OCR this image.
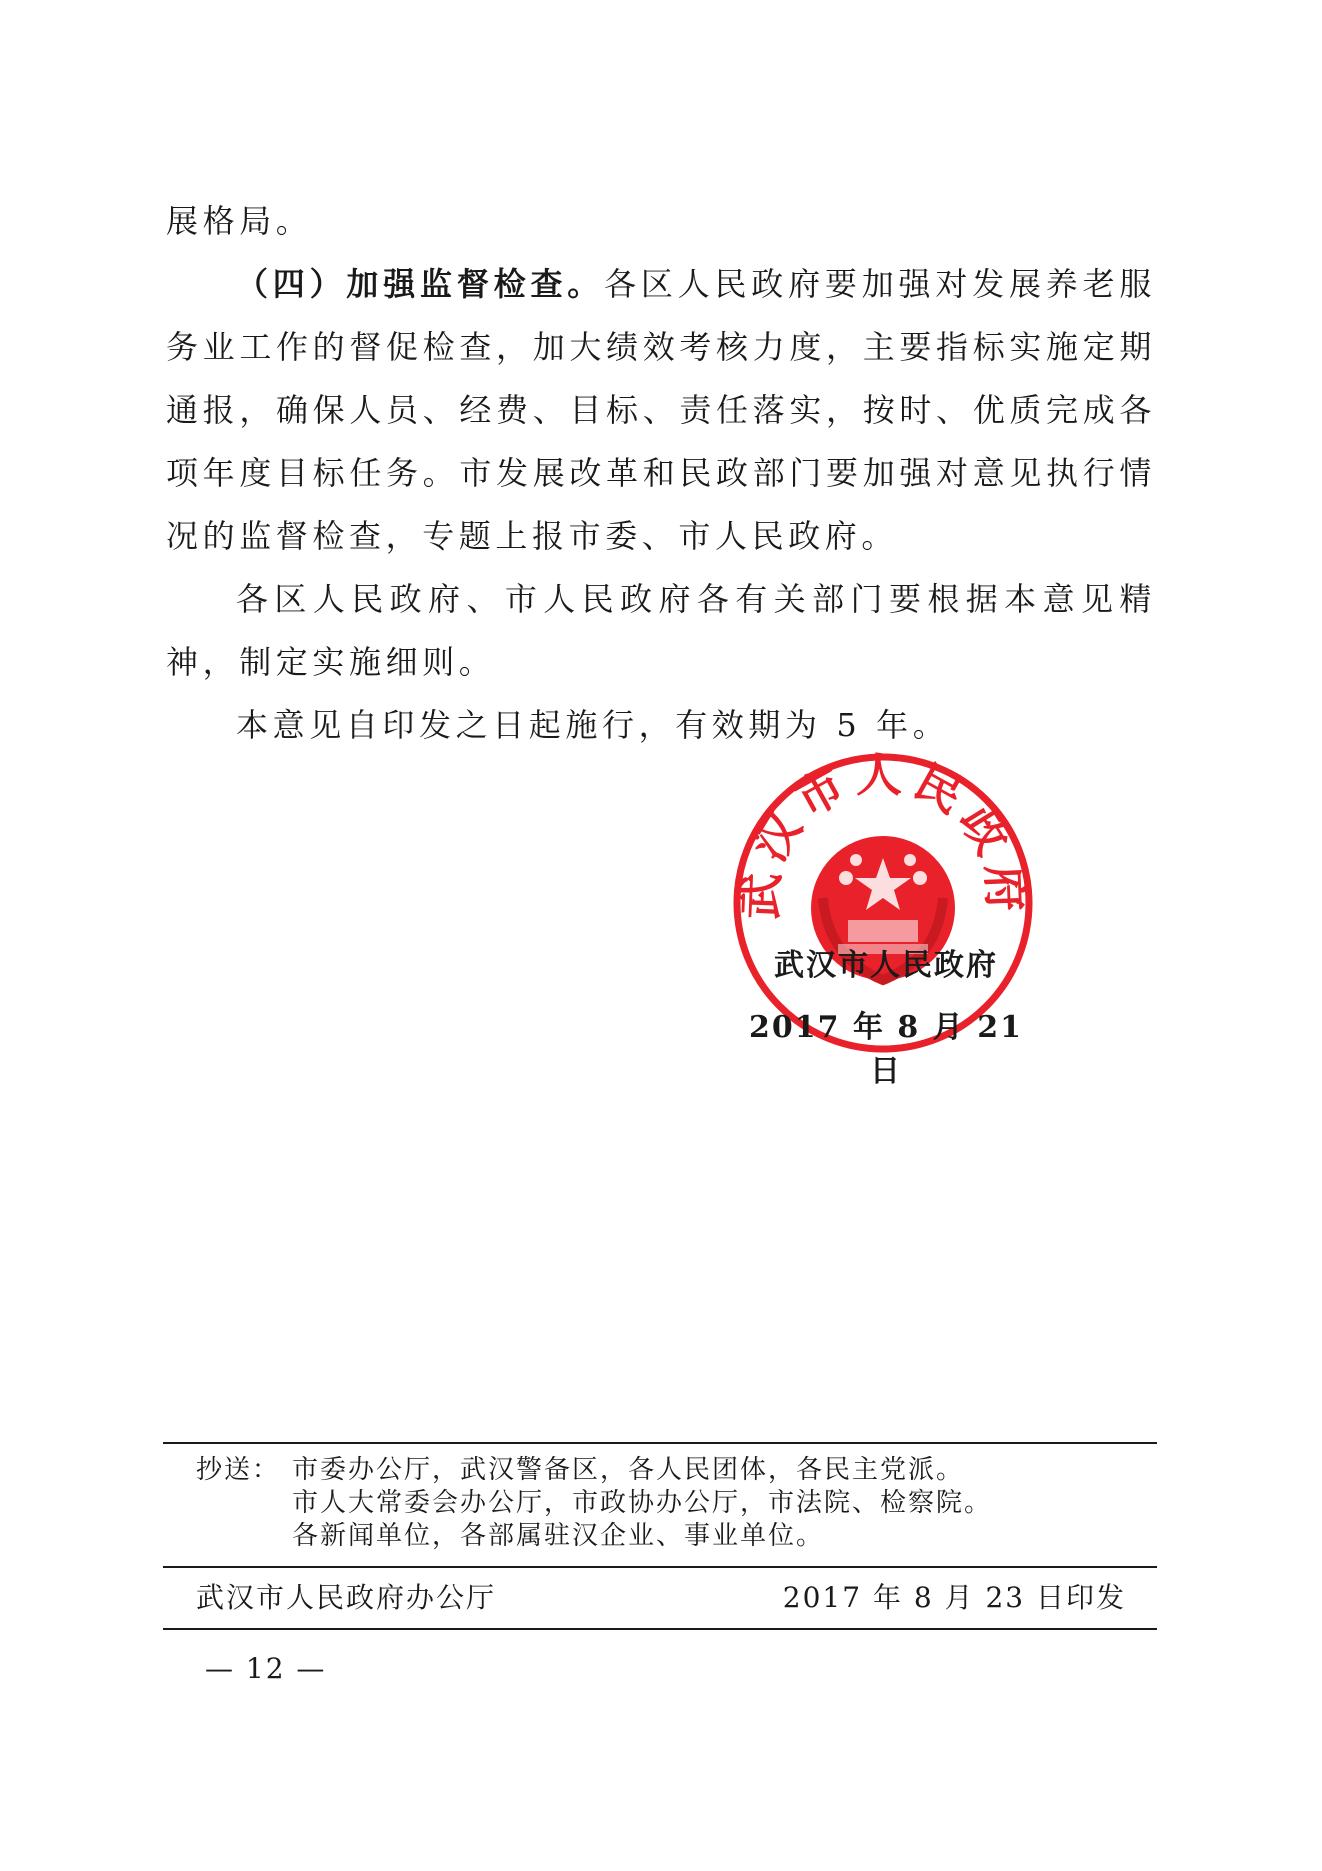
展格局。

（四）加强监督检查。各区人民政府要加强对发展养老服务业工作的督促检查，加大绩效考核力度，主要指标实施定期通报，确保人员、经费、目标、责任落实，按时、优质完成各项年度目标任务。市发展改革和民政部门要加强对意见执行情况的监督检查，专题上报市委、市人民政府。

各区人民政府、市人民政府各有关部门要根据本意见精神，制定实施细则。

本意见自印发之日起施行，有效期为 5 年。

武汉市人民政府
武汉市人民政府
2017 年 8 月 21 日
抄送： 市委办公厅，武汉警备区，各人民团体，各民主党派。
市人大常委会办公厅，市政协办公厅，市法院、检察院。
各新闻单位，各部属驻汉企业、事业单位。
武汉市人民政府办公厅	2017 年 8 月 23 日印发
— 12 —
